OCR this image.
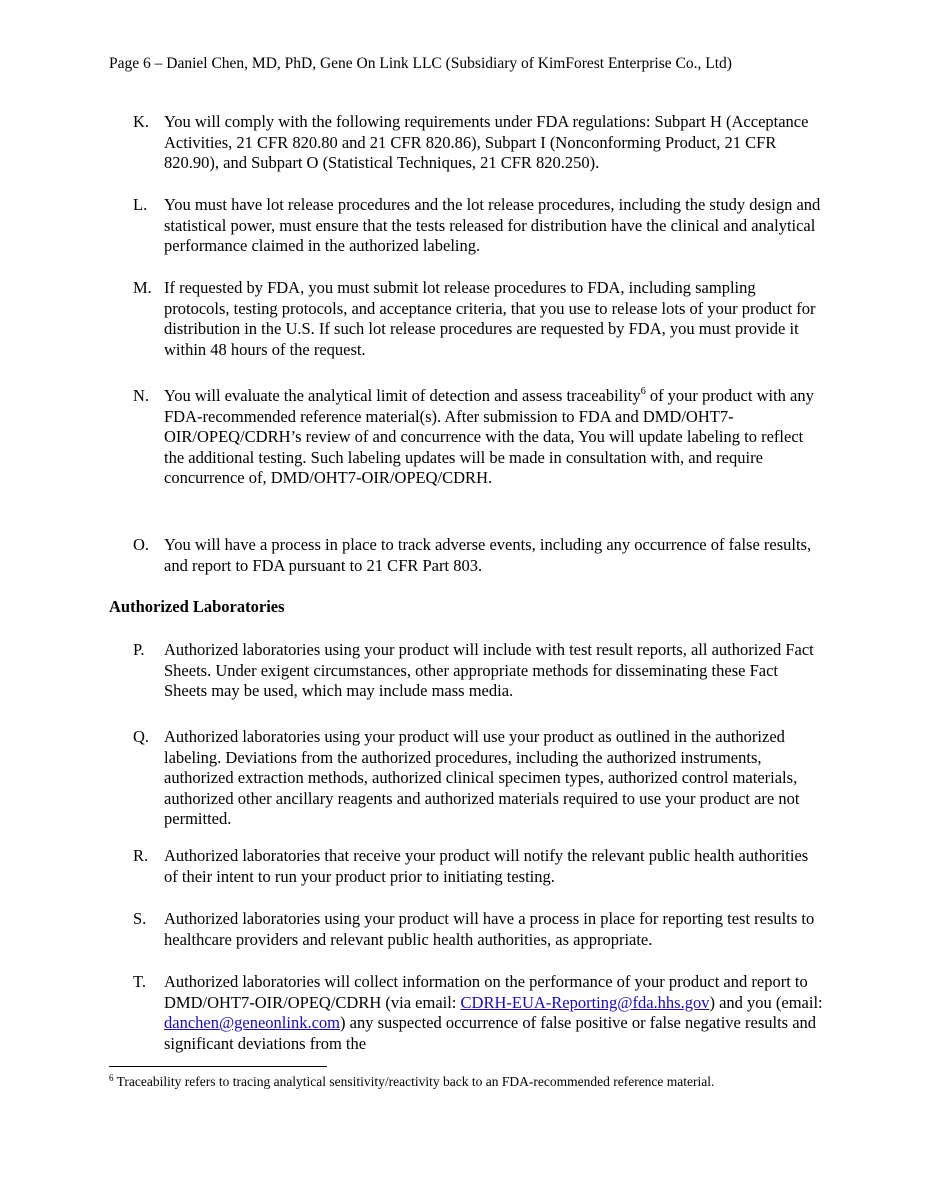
Page 6 – Daniel Chen, MD, PhD, Gene On Link LLC (Subsidiary of KimForest Enterprise Co., Ltd)
K. You will comply with the following requirements under FDA regulations: Subpart H (Acceptance Activities, 21 CFR 820.80 and 21 CFR 820.86), Subpart I (Nonconforming Product, 21 CFR 820.90), and Subpart O (Statistical Techniques, 21 CFR 820.250).
L. You must have lot release procedures and the lot release procedures, including the study design and statistical power, must ensure that the tests released for distribution have the clinical and analytical performance claimed in the authorized labeling.
M. If requested by FDA, you must submit lot release procedures to FDA, including sampling protocols, testing protocols, and acceptance criteria, that you use to release lots of your product for distribution in the U.S. If such lot release procedures are requested by FDA, you must provide it within 48 hours of the request.
N. You will evaluate the analytical limit of detection and assess traceability$^6$ of your product with any FDA-recommended reference material(s). After submission to FDA and DMD/OHT7-OIR/OPEQ/CDRH’s review of and concurrence with the data, You will update labeling to reflect the additional testing. Such labeling updates will be made in consultation with, and require concurrence of, DMD/OHT7-OIR/OPEQ/CDRH.
O. You will have a process in place to track adverse events, including any occurrence of false results, and report to FDA pursuant to 21 CFR Part 803.
Authorized Laboratories
P. Authorized laboratories using your product will include with test result reports, all authorized Fact Sheets. Under exigent circumstances, other appropriate methods for disseminating these Fact Sheets may be used, which may include mass media.
Q. Authorized laboratories using your product will use your product as outlined in the authorized labeling. Deviations from the authorized procedures, including the authorized instruments, authorized extraction methods, authorized clinical specimen types, authorized control materials, authorized other ancillary reagents and authorized materials required to use your product are not permitted.
R. Authorized laboratories that receive your product will notify the relevant public health authorities of their intent to run your product prior to initiating testing.
S. Authorized laboratories using your product will have a process in place for reporting test results to healthcare providers and relevant public health authorities, as appropriate.
T. Authorized laboratories will collect information on the performance of your product and report to DMD/OHT7-OIR/OPEQ/CDRH (via email: CDRH-EUA-Reporting@fda.hhs.gov) and you (email: danchen@geneonlink.com) any suspected occurrence of false positive or false negative results and significant deviations from the
$^6$ Traceability refers to tracing analytical sensitivity/reactivity back to an FDA-recommended reference material.
